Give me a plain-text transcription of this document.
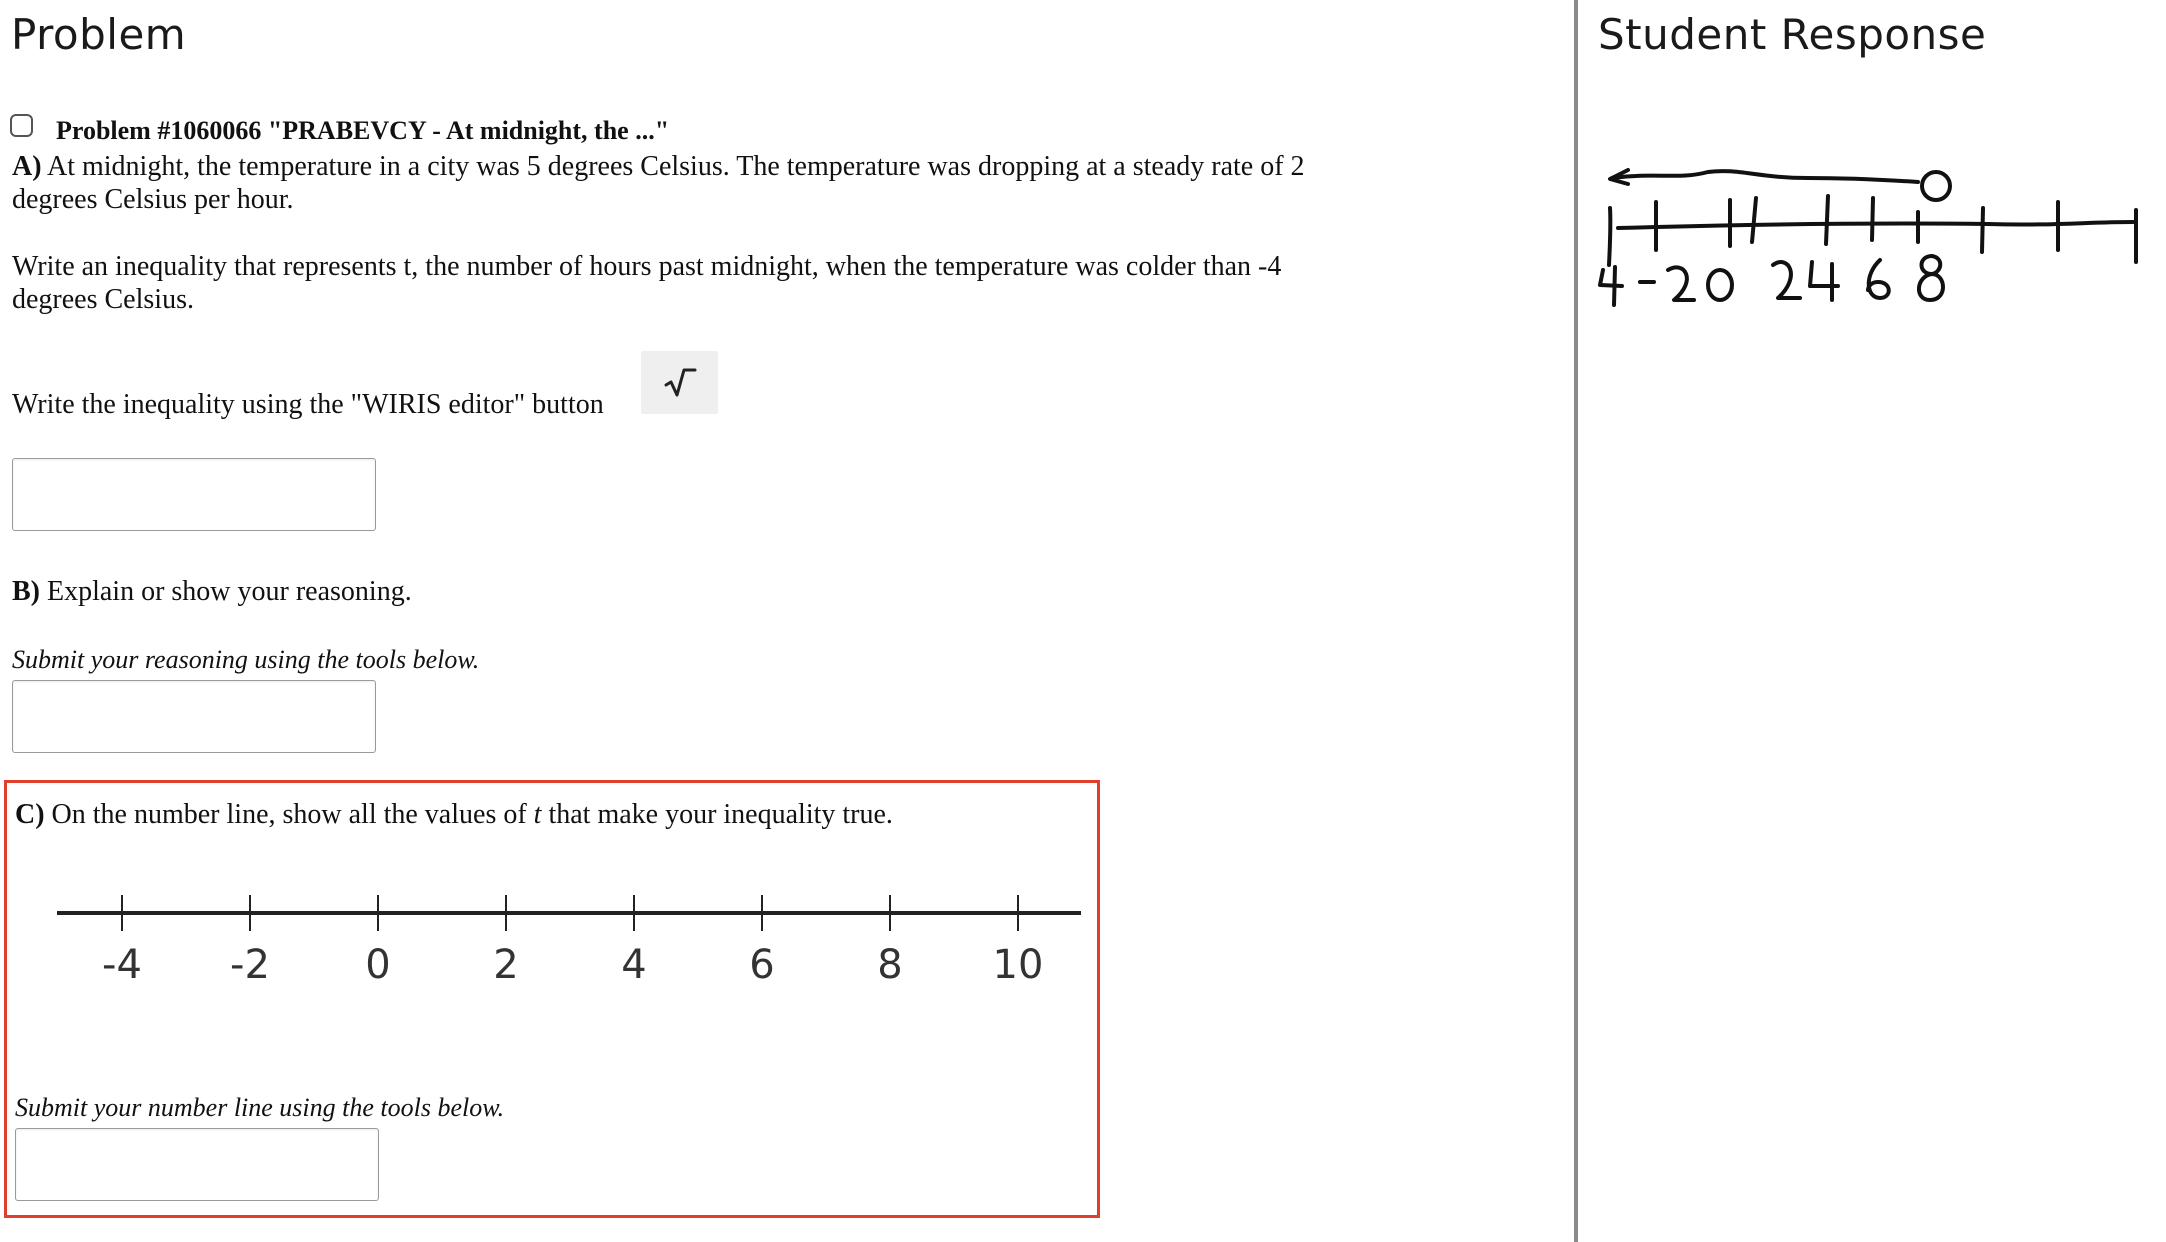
Problem
Problem #1060066 "PRABEVCY - At midnight, the ..."
A) At midnight, the temperature in a city was 5 degrees Celsius. The temperature was dropping at a steady rate of 2 degrees Celsius per hour.
Write an inequality that represents t, the number of hours past midnight, when the temperature was colder than -4 degrees Celsius.
Write the inequality using the "WIRIS editor" button
B) Explain or show your reasoning.
Submit your reasoning using the tools below.
C) On the number line, show all the values of t that make your inequality true.
-4 -2 0	2	4	6	8 10
Submit your number line using the tools below.
Student Response
